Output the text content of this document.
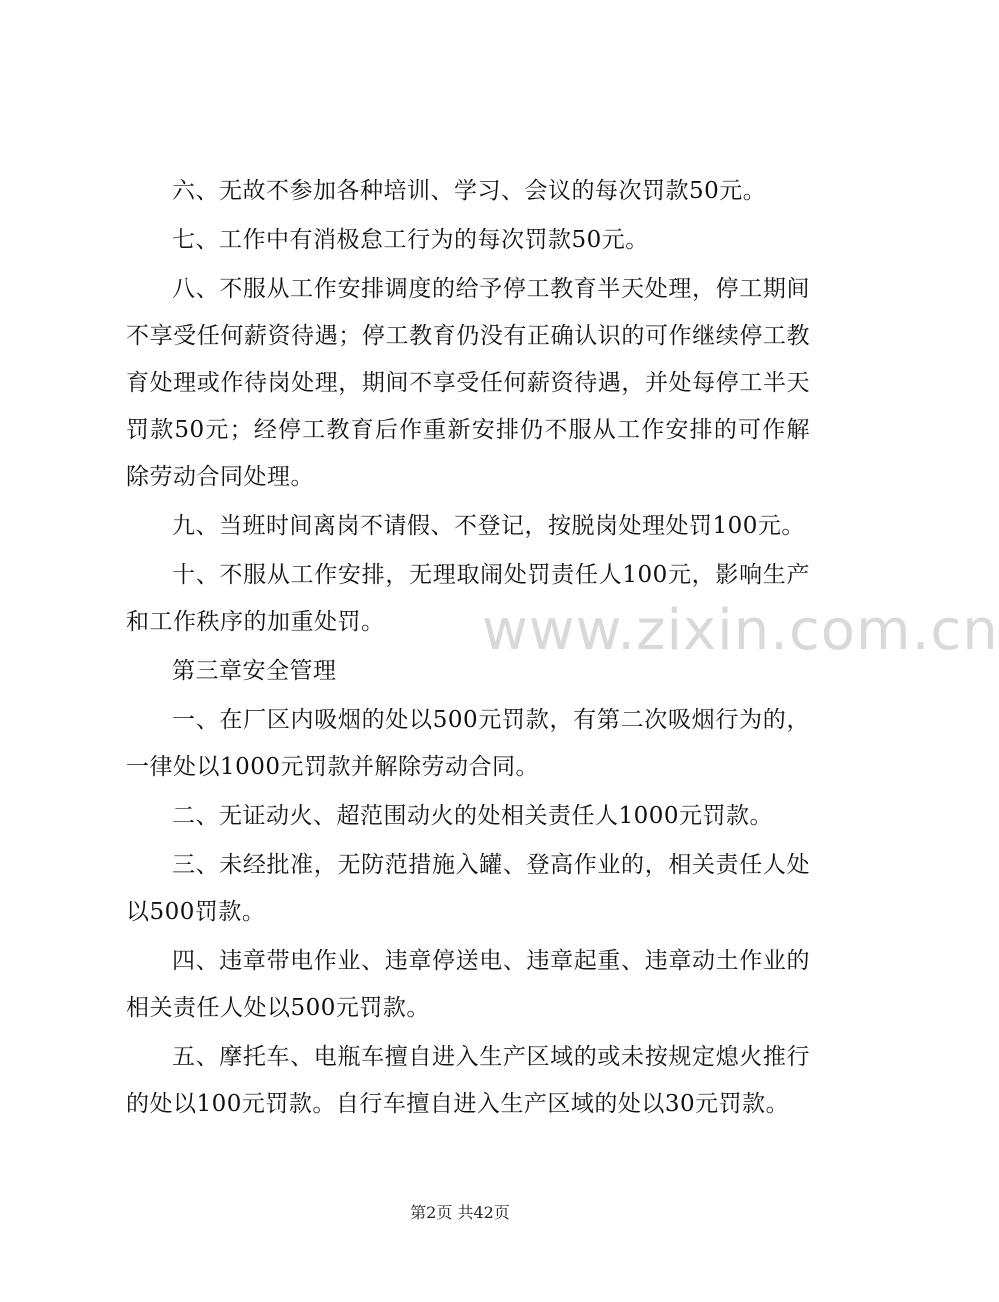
六、无故不参加各种培训、学习、会议的每次罚款50元。

七、工作中有消极怠工行为的每次罚款50元。

八、不服从工作安排调度的给予停工教育半天处理，停工期间不享受任何薪资待遇；停工教育仍没有正确认识的可作继续停工教育处理或作待岗处理，期间不享受任何薪资待遇，并处每停工半天罚款50元；经停工教育后作重新安排仍不服从工作安排的可作解除劳动合同处理。

九、当班时间离岗不请假、不登记，按脱岗处理处罚100元。

十、不服从工作安排，无理取闹处罚责任人100元，影响生产和工作秩序的加重处罚。

第三章安全管理

一、在厂区内吸烟的处以500元罚款，有第二次吸烟行为的，一律处以1000元罚款并解除劳动合同。

二、无证动火、超范围动火的处相关责任人1000元罚款。

三、未经批准，无防范措施入罐、登高作业的，相关责任人处以500罚款。

四、违章带电作业、违章停送电、违章起重、违章动土作业的相关责任人处以500元罚款。

五、摩托车、电瓶车擅自进入生产区域的或未按规定熄火推行的处以100元罚款。自行车擅自进入生产区域的处以30元罚款。

www.zixin.com.cn
第2页 共42页
